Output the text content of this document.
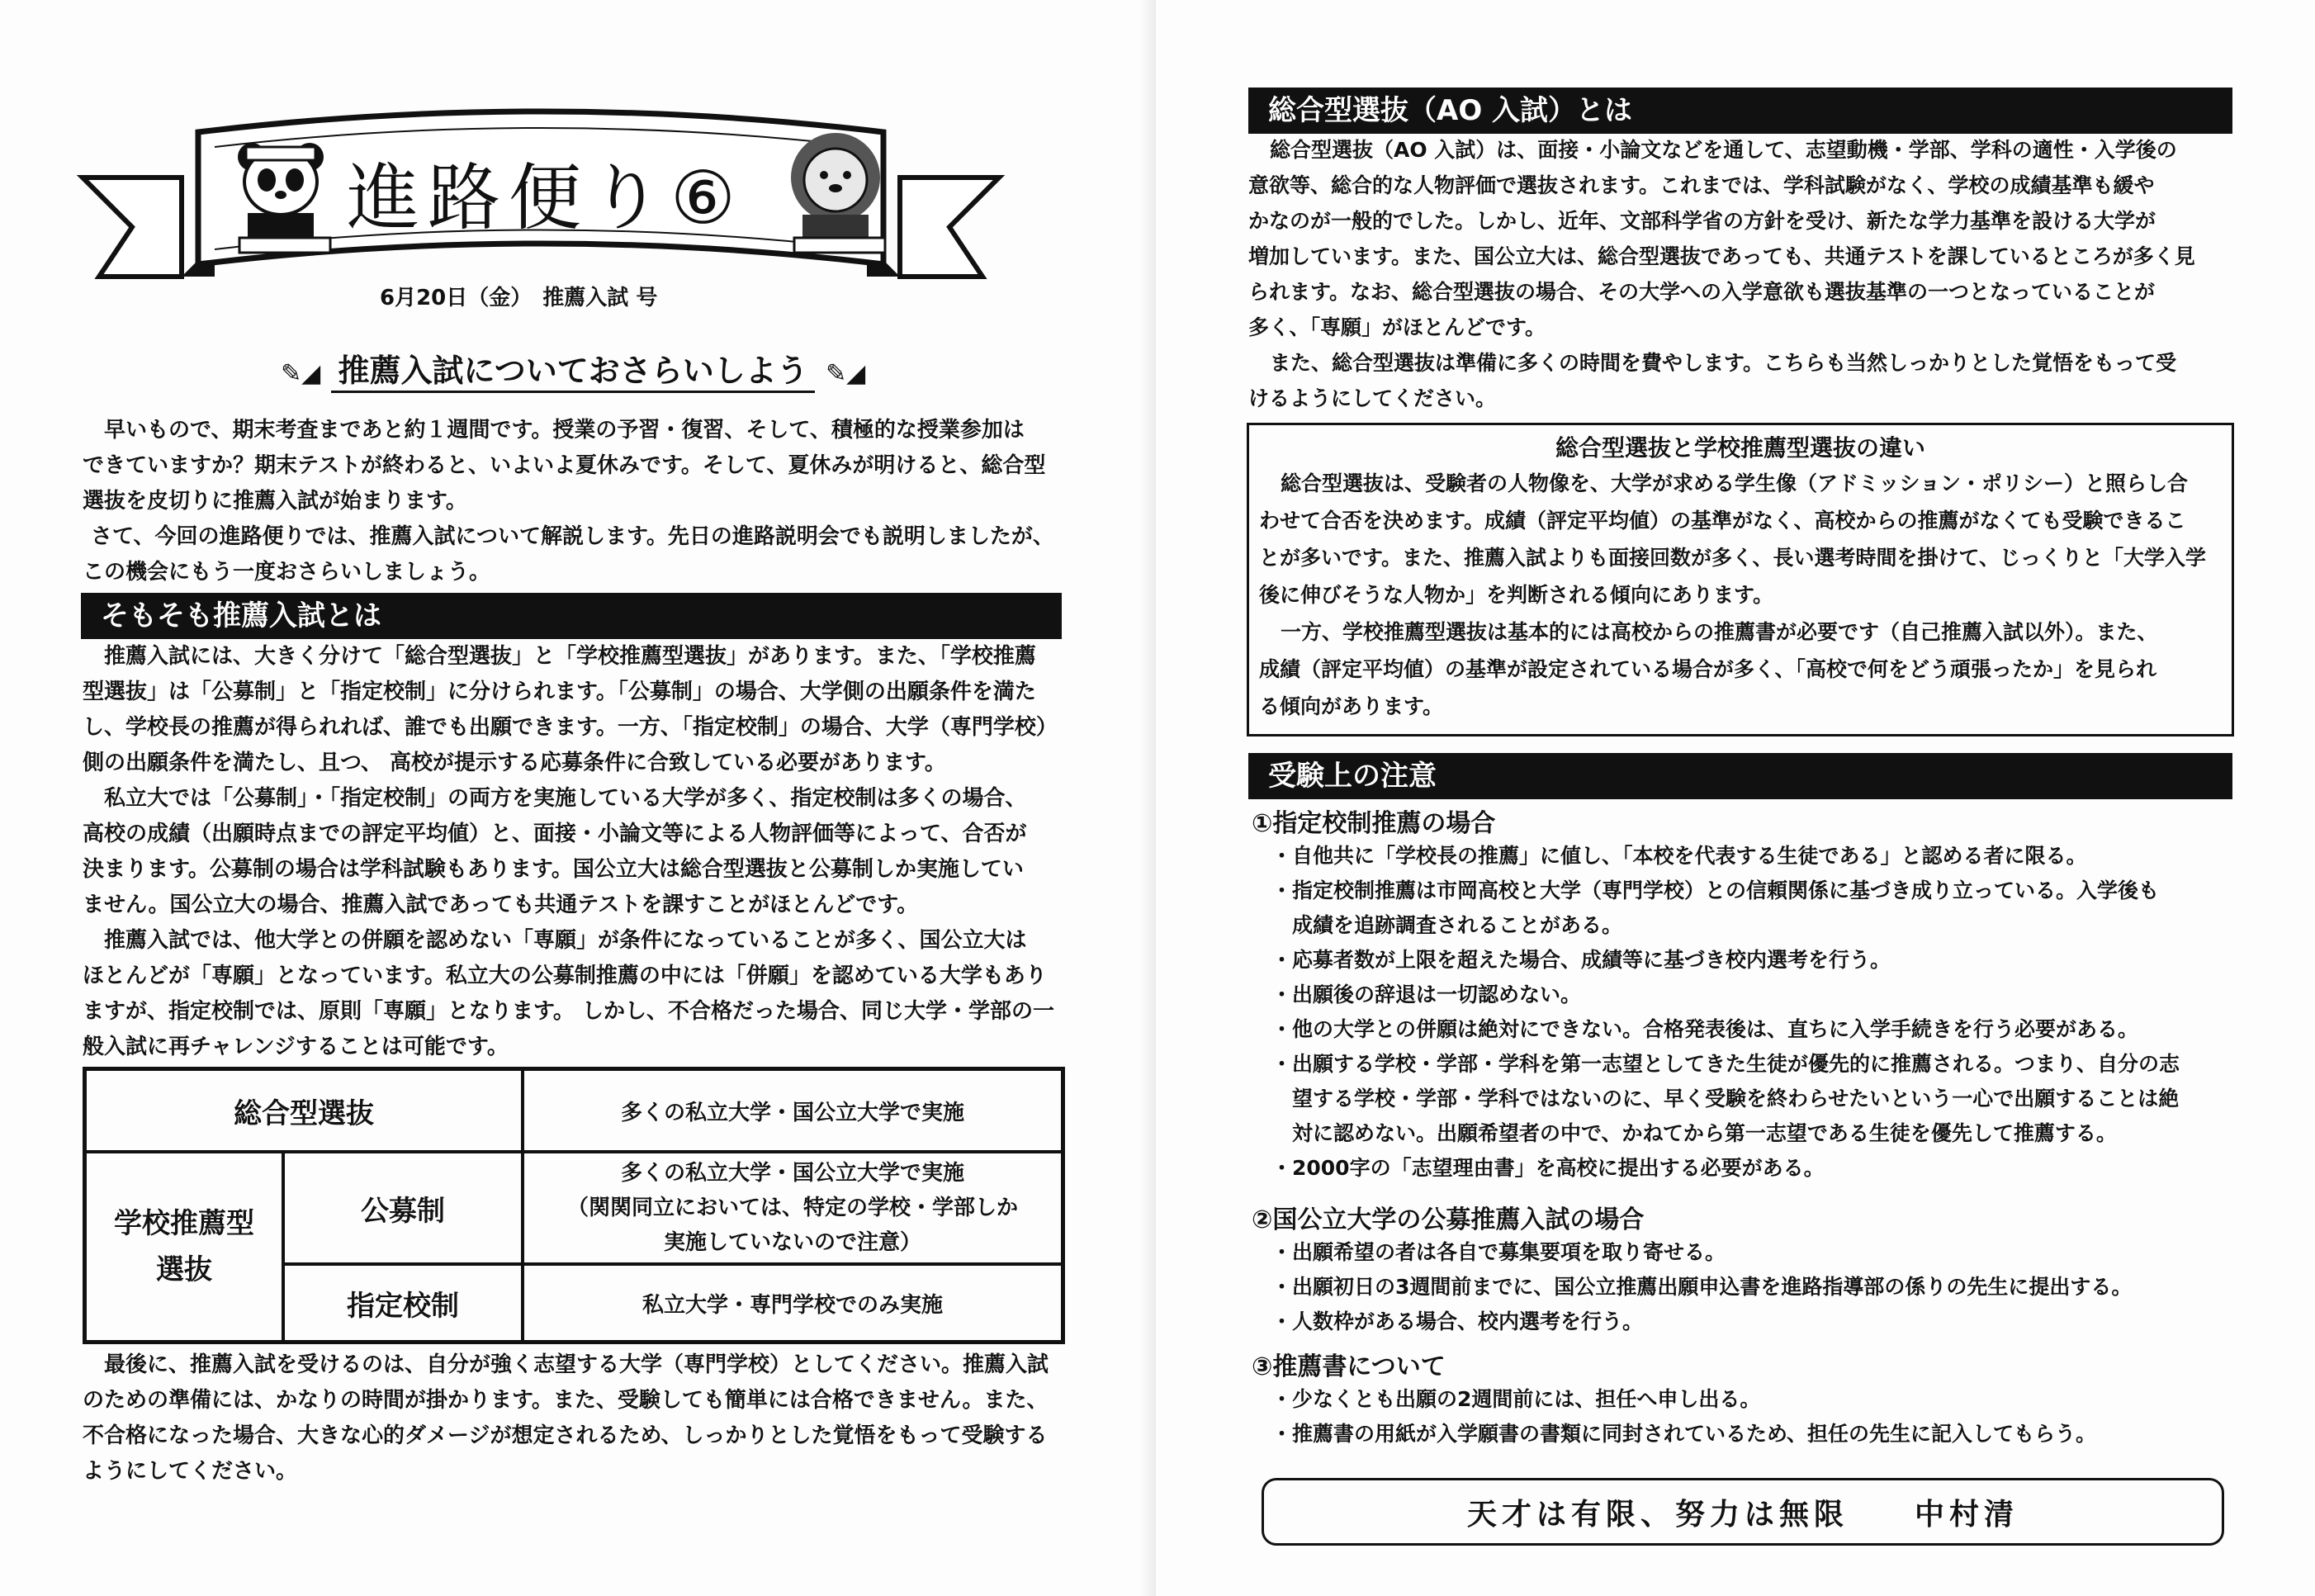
進路便り⑥
6月20日（金）　推薦入試 号
✎◢ 推薦入試についておさらいしよう ✎◢
早いもので、期末考査まであと約１週間です。授業の予習・復習、そして、積極的な授業参加は
できていますか？期末テストが終わると、いよいよ夏休みです。そして、夏休みが明けると、総合型
選抜を皮切りに推薦入試が始まります。
さて、今回の進路便りでは、推薦入試について解説します。先日の進路説明会でも説明しましたが、
この機会にもう一度おさらいしましょう。
そもそも推薦入試とは
推薦入試には、大きく分けて「総合型選抜」と「学校推薦型選抜」があります。また、「学校推薦
型選抜」は「公募制」と「指定校制」に分けられます。「公募制」の場合、大学側の出願条件を満た
し、学校長の推薦が得られれば、誰でも出願できます。一方、「指定校制」の場合、大学（専門学校）
側の出願条件を満たし、且つ、 高校が提示する応募条件に合致している必要があります。
私立大では「公募制」・「指定校制」の両方を実施している大学が多く、指定校制は多くの場合、
高校の成績（出願時点までの評定平均値）と、面接・小論文等による人物評価等によって、合否が
決まります。公募制の場合は学科試験もあります。国公立大は総合型選抜と公募制しか実施してい
ません。国公立大の場合、推薦入試であっても共通テストを課すことがほとんどです。
推薦入試では、他大学との併願を認めない「専願」が条件になっていることが多く、国公立大は
ほとんどが「専願」となっています。私立大の公募制推薦の中には「併願」を認めている大学もあり
ますが、指定校制では、原則「専願」となります。 しかし、不合格だった場合、同じ大学・学部の一
般入試に再チャレンジすることは可能です。
総合型選抜	多くの私立大学・国公立大学で実施
学校推薦型
選抜
公募制
多くの私立大学・国公立大学で実施
（関関同立においては、特定の学校・学部しか
実施していないので注意）
指定校制	私立大学・専門学校でのみ実施
最後に、推薦入試を受けるのは、自分が強く志望する大学（専門学校）としてください。推薦入試
のための準備には、かなりの時間が掛かります。また、受験しても簡単には合格できません。また、
不合格になった場合、大きな心的ダメージが想定されるため、しっかりとした覚悟をもって受験する
ようにしてください。
総合型選抜（AO 入試）とは
総合型選抜（AO 入試）は、面接・小論文などを通して、志望動機・学部、学科の適性・入学後の
意欲等、総合的な人物評価で選抜されます。これまでは、学科試験がなく、学校の成績基準も緩や
かなのが一般的でした。しかし、近年、文部科学省の方針を受け、新たな学力基準を設ける大学が
増加しています。また、国公立大は、総合型選抜であっても、共通テストを課しているところが多く見
られます。なお、総合型選抜の場合、その大学への入学意欲も選抜基準の一つとなっていることが
多く、「専願」がほとんどです。
また、総合型選抜は準備に多くの時間を費やします。こちらも当然しっかりとした覚悟をもって受
けるようにしてください。
総合型選抜と学校推薦型選抜の違い
総合型選抜は、受験者の人物像を、大学が求める学生像（アドミッション・ポリシー）と照らし合
わせて合否を決めます。成績（評定平均値）の基準がなく、高校からの推薦がなくても受験できるこ
とが多いです。また、推薦入試よりも面接回数が多く、長い選考時間を掛けて、じっくりと「大学入学
後に伸びそうな人物か」を判断される傾向にあります。
一方、学校推薦型選抜は基本的には高校からの推薦書が必要です（自己推薦入試以外）。また、
成績（評定平均値）の基準が設定されている場合が多く、「高校で何をどう頑張ったか」を見られ
る傾向があります。
受験上の注意
①指定校制推薦の場合
・自他共に「学校長の推薦」に値し、「本校を代表する生徒である」と認める者に限る。
・指定校制推薦は市岡高校と大学（専門学校）との信頼関係に基づき成り立っている。入学後も
　成績を追跡調査されることがある。
・応募者数が上限を超えた場合、成績等に基づき校内選考を行う。
・出願後の辞退は一切認めない。
・他の大学との併願は絶対にできない。合格発表後は、直ちに入学手続きを行う必要がある。
・出願する学校・学部・学科を第一志望としてきた生徒が優先的に推薦される。つまり、自分の志
　望する学校・学部・学科ではないのに、早く受験を終わらせたいという一心で出願することは絶
　対に認めない。出願希望者の中で、かねてから第一志望である生徒を優先して推薦する。
・2000字の「志望理由書」を高校に提出する必要がある。
②国公立大学の公募推薦入試の場合
・出願希望の者は各自で募集要項を取り寄せる。
・出願初日の3週間前までに、国公立推薦出願申込書を進路指導部の係りの先生に提出する。
・人数枠がある場合、校内選考を行う。
③推薦書について
・少なくとも出願の2週間前には、担任へ申し出る。
・推薦書の用紙が入学願書の書類に同封されているため、担任の先生に記入してもらう。
天才は有限、努力は無限 中村清
